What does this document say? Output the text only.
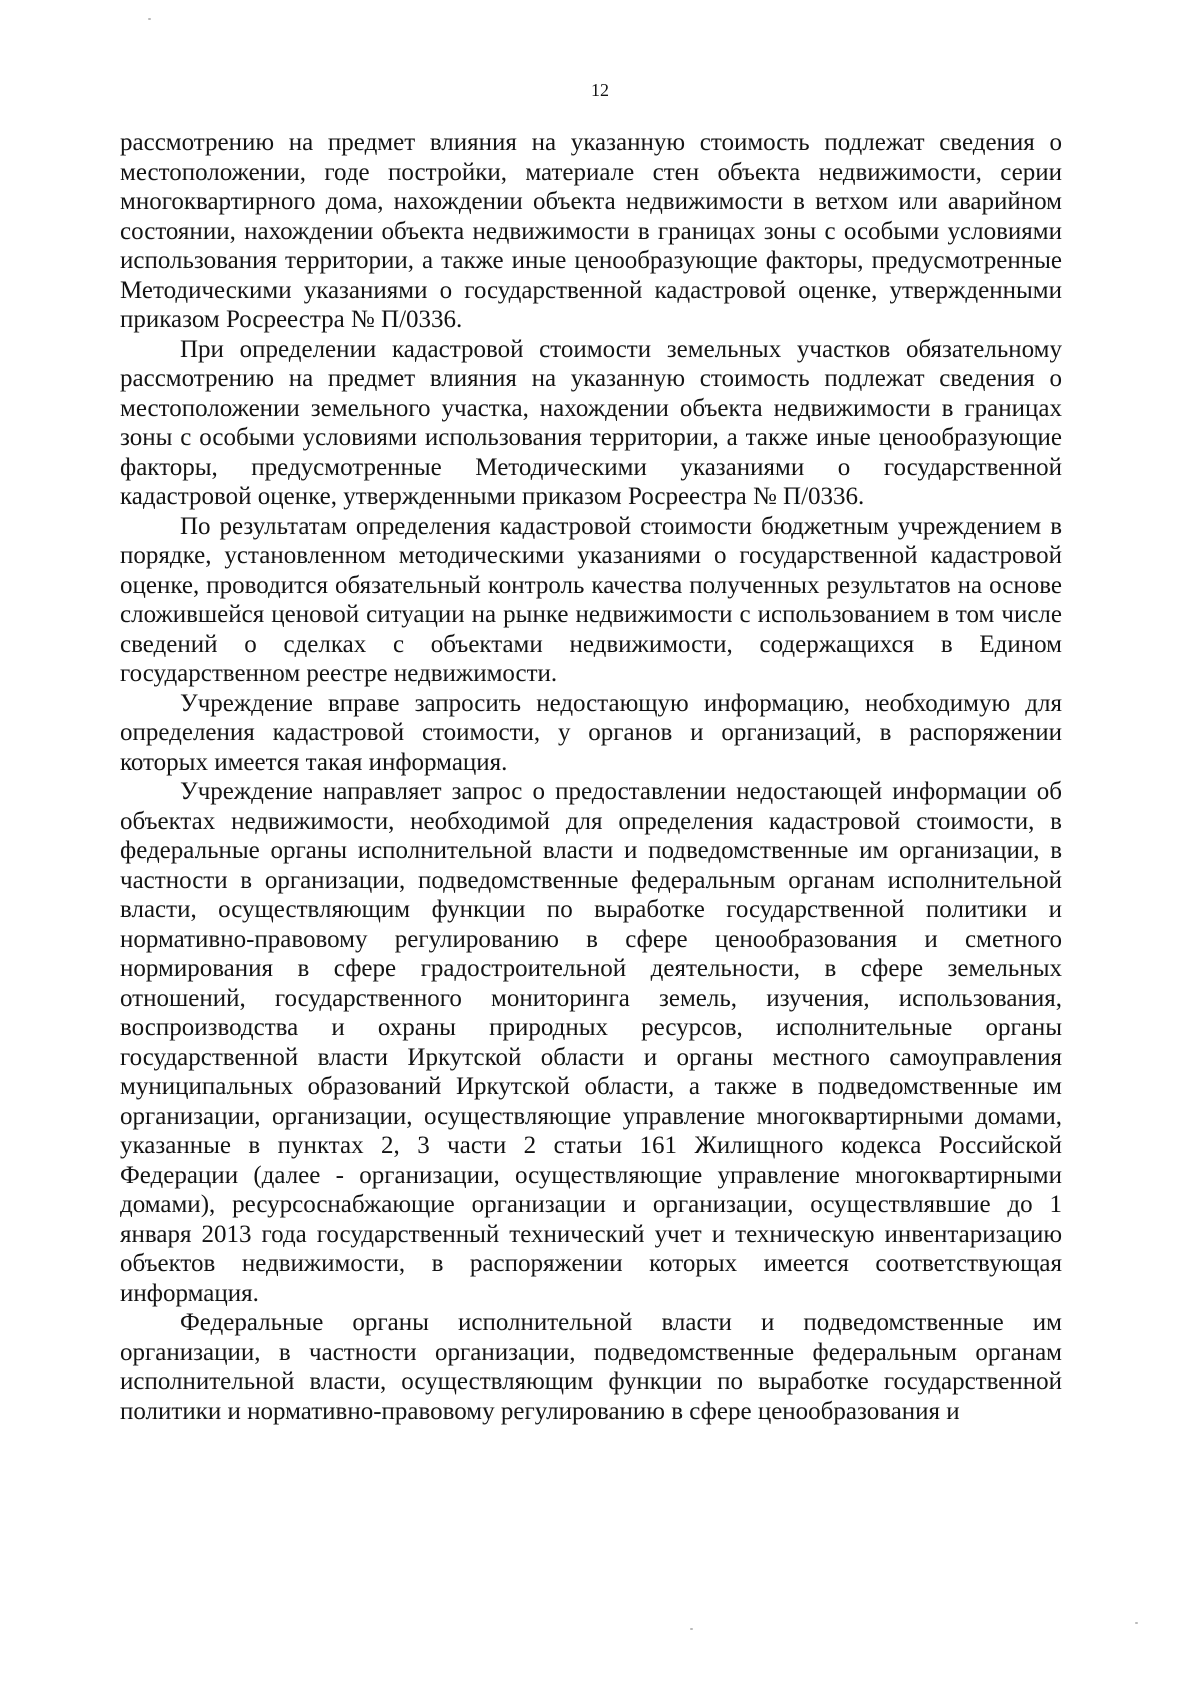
12

рассмотрению на предмет влияния на указанную стоимость подлежат сведения о местоположении, годе постройки, материале стен объекта недвижимости, серии многоквартирного дома, нахождении объекта недвижимости в ветхом или аварийном состоянии, нахождении объекта недвижимости в границах зоны с особыми условиями использования территории, а также иные ценообразующие факторы, предусмотренные Методическими указаниями о государственной кадастровой оценке, утвержденными приказом Росреестра № П/0336.

При определении кадастровой стоимости земельных участков обязательному рассмотрению на предмет влияния на указанную стоимость подлежат сведения о местоположении земельного участка, нахождении объекта недвижимости в границах зоны с особыми условиями использования территории, а также иные ценообразующие факторы, предусмотренные Методическими указаниями о государственной кадастровой оценке, утвержденными приказом Росреестра № П/0336.

По результатам определения кадастровой стоимости бюджетным учреждением в порядке, установленном методическими указаниями о государственной кадастровой оценке, проводится обязательный контроль качества полученных результатов на основе сложившейся ценовой ситуации на рынке недвижимости с использованием в том числе сведений о сделках с объектами недвижимости, содержащихся в Едином государственном реестре недвижимости.

Учреждение вправе запросить недостающую информацию, необходимую для определения кадастровой стоимости, у органов и организаций, в распоряжении которых имеется такая информация.

Учреждение направляет запрос о предоставлении недостающей информации об объектах недвижимости, необходимой для определения кадастровой стоимости, в федеральные органы исполнительной власти и подведомственные им организации, в частности в организации, подведомственные федеральным органам исполнительной власти, осуществляющим функции по выработке государственной политики и нормативно-правовому регулированию в сфере ценообразования и сметного нормирования в сфере градостроительной деятельности, в сфере земельных отношений, государственного мониторинга земель, изучения, использования, воспроизводства и охраны природных ресурсов, исполнительные органы государственной власти Иркутской области и органы местного самоуправления муниципальных образований Иркутской области, а также в подведомственные им организации, организации, осуществляющие управление многоквартирными домами, указанные в пунктах 2, 3 части 2 статьи 161 Жилищного кодекса Российской Федерации (далее - организации, осуществляющие управление многоквартирными домами), ресурсоснабжающие организации и организации, осуществлявшие до 1 января 2013 года государственный технический учет и техническую инвентаризацию объектов недвижимости, в распоряжении которых имеется соответствующая информация.

Федеральные органы исполнительной власти и подведомственные им организации, в частности организации, подведомственные федеральным органам исполнительной власти, осуществляющим функции по выработке государственной политики и нормативно-правовому регулированию в сфере ценообразования и
